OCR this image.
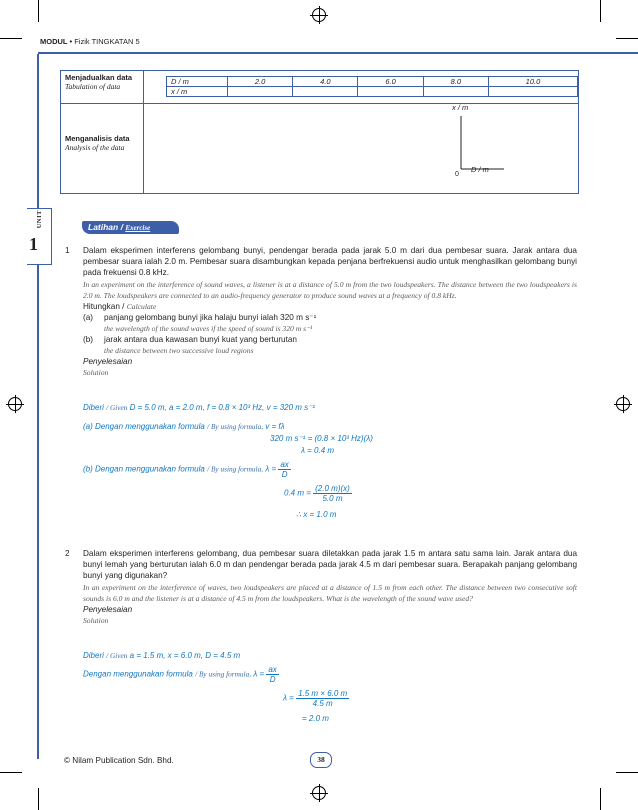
MODUL • Fizik TINGKATAN 5
UNIT
1
Menjadualkan data
Tabulation of data

D / m	2.0	4.0	6.0	8.0	10.0
x / m					

Menganalisis data
Analysis of the data

x / m
D / m
0
Latihan / Exercise
1 Dalam eksperimen interferens gelombang bunyi, pendengar berada pada jarak 5.0 m dari dua pembesar suara. Jarak antara dua pembesar suara ialah 2.0 m. Pembesar suara disambungkan kepada penjana berfrekuensi audio untuk menghasilkan gelombang bunyi pada frekuensi 0.8 kHz.
In an experiment on the interference of sound waves, a listener is at a distance of 5.0 m from the two loudspeakers. The distance between the two loudspeakers is 2.0 m. The loudspeakers are connected to an audio-frequency generator to produce sound waves at a frequency of 0.8 kHz.
Hitungkan / Calculate
(a) panjang gelombang bunyi jika halaju bunyi ialah 320 m s⁻¹
the wavelength of the sound waves if the speed of sound is 320 m s⁻¹
(b) jarak antara dua kawasan bunyi kuat yang berturutan
the distance between two successive loud regions
Penyelesaian
Solution
Diberi / Given D = 5.0 m, a = 2.0 m, f = 0.8 × 10³ Hz, v = 320 m s⁻¹
(a) Dengan menggunakan formula / By using formula, v = fλ
320 m s⁻¹ = (0.8 × 10³ Hz)(λ)
λ = 0.4 m
(b) Dengan menggunakan formula / By using formula, $\lambda = \frac{ax}{D}$
0.4 $m = \frac{(2.0 m)(x)}{5.0 m}$
∴ x = 1.0 m
2 Dalam eksperimen interferens gelombang, dua pembesar suara diletakkan pada jarak 1.5 m antara satu sama lain. Jarak antara dua bunyi lemah yang berturutan ialah 6.0 m dan pendengar berada pada jarak 4.5 m dari pembesar suara. Berapakah panjang gelombang bunyi yang digunakan?
In an experiment on the interference of waves, two loudspeakers are placed at a distance of 1.5 m from each other. The distance between two consecutive soft sounds is 6.0 m and the listener is at a distance of 4.5 m from the loudspeakers. What is the wavelength of the sound wave used?
Penyelesaian
Solution
Diberi / Given a = 1.5 m, x = 6.0 m, D = 4.5 m
Dengan menggunakan formula / By using formula, $\lambda = \frac{ax}{D}$
$\lambda = \frac{1.5 m \times 6.0 m}{4.5 m}$
= 2.0 m
© Nilam Publication Sdn. Bhd.	38
